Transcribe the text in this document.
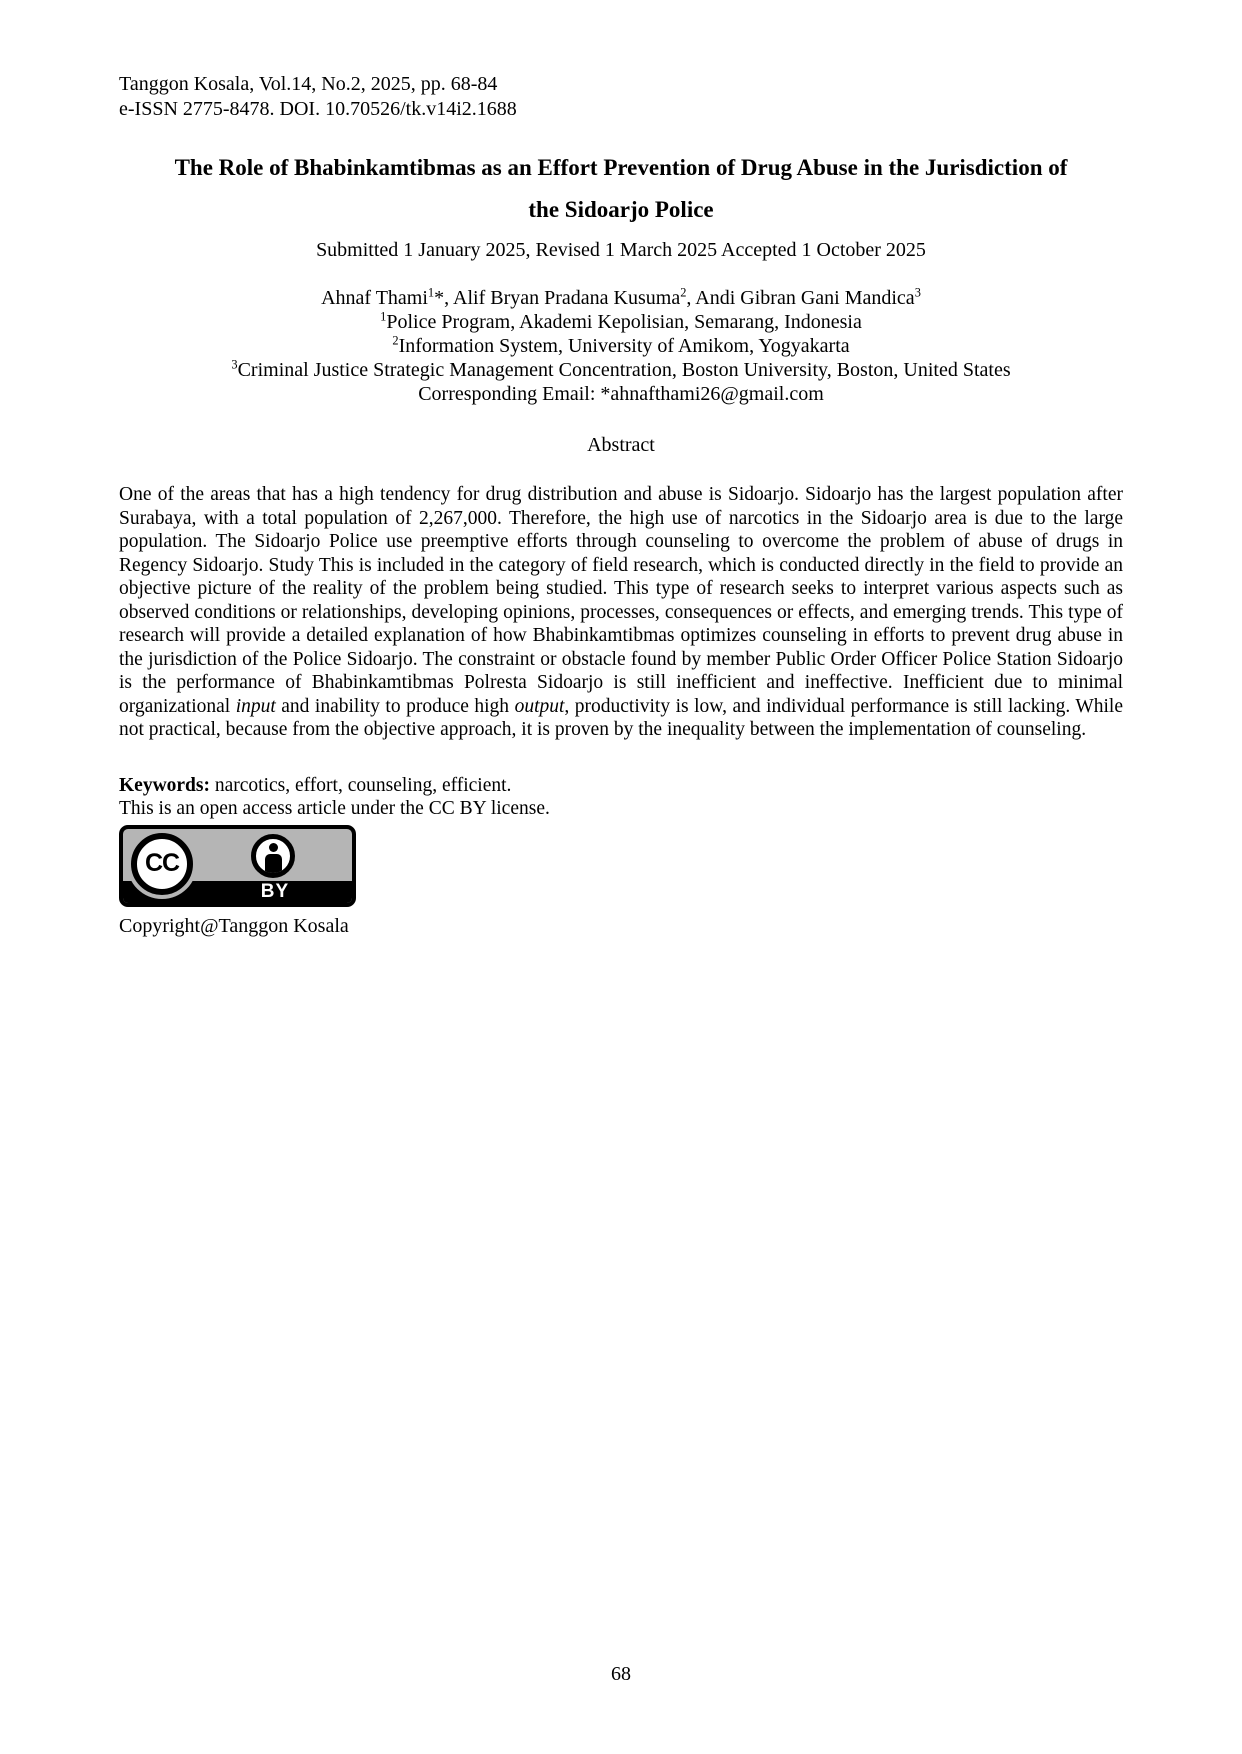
Tanggon Kosala, Vol.14, No.2, 2025, pp. 68-84
e-ISSN 2775-8478. DOI. 10.70526/tk.v14i2.1688
The Role of Bhabinkamtibmas as an Effort Prevention of Drug Abuse in the Jurisdiction of
the Sidoarjo Police
Submitted 1 January 2025, Revised 1 March 2025 Accepted 1 October 2025
Ahnaf Thami$^1$*, Alif Bryan Pradana Kusuma$^2$, Andi Gibran Gani Mandica$^3$
$^1$Police Program, Akademi Kepolisian, Semarang, Indonesia
$^2$Information System, University of Amikom, Yogyakarta
$^3$Criminal Justice Strategic Management Concentration, Boston University, Boston, United States
Corresponding Email: *ahnafthami26@gmail.com
Abstract

One of the areas that has a high tendency for drug distribution and abuse is Sidoarjo. Sidoarjo has the largest population after Surabaya, with a total population of 2,267,000. Therefore, the high use of narcotics in the Sidoarjo area is due to the large population. The Sidoarjo Police use preemptive efforts through counseling to overcome the problem of abuse of drugs in Regency Sidoarjo. Study This is included in the category of field research, which is conducted directly in the field to provide an objective picture of the reality of the problem being studied. This type of research seeks to interpret various aspects such as observed conditions or relationships, developing opinions, processes, consequences or effects, and emerging trends. This type of research will provide a detailed explanation of how Bhabinkamtibmas optimizes counseling in efforts to prevent drug abuse in the jurisdiction of the Police Sidoarjo. The constraint or obstacle found by member Public Order Officer Police Station Sidoarjo is the performance of Bhabinkamtibmas Polresta Sidoarjo is still inefficient and ineffective. Inefficient due to minimal organizational input and inability to produce high output, productivity is low, and individual performance is still lacking. While not practical, because from the objective approach, it is proven by the inequality between the implementation of counseling.

Keywords: narcotics, effort, counseling, efficient.

This is an open access article under the CC BY license.

CC
BY

Copyright@Tanggon Kosala

68
